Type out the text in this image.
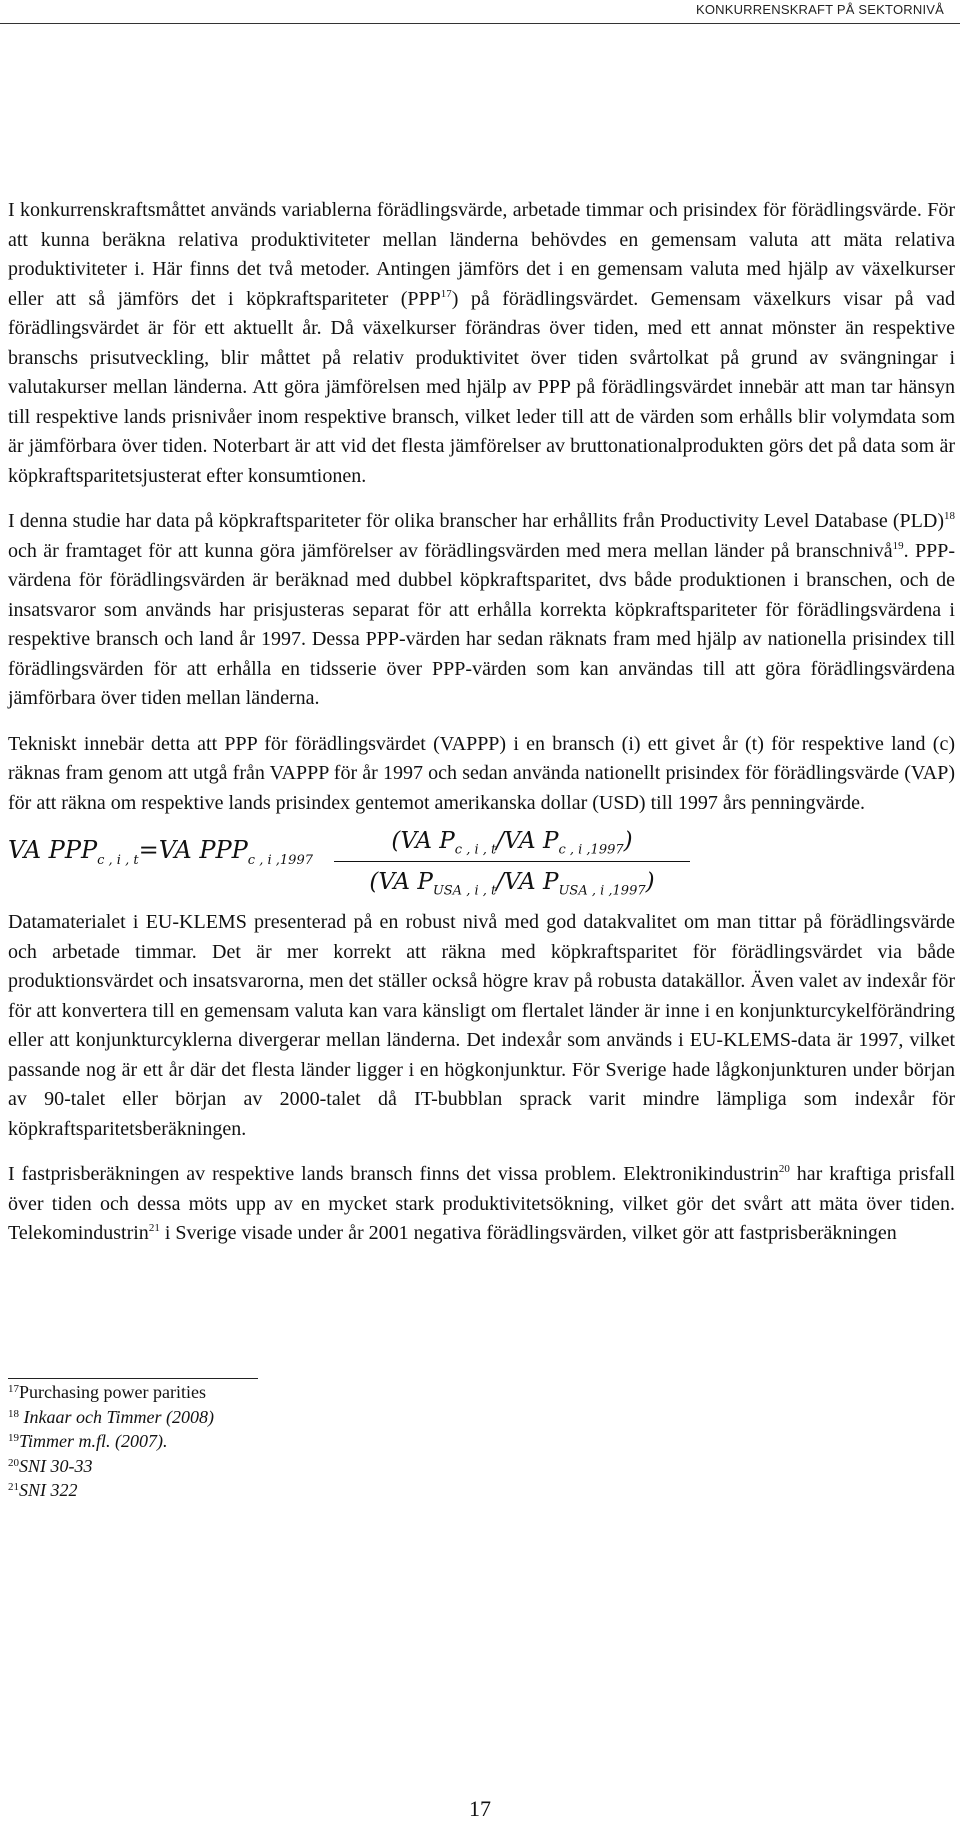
KONKURRENSKRAFT PÅ SEKTORNIVÅ

I konkurrenskraftsmåttet används variablerna förädlingsvärde, arbetade timmar och prisindex för förädlingsvärde. För att kunna beräkna relativa produktiviteter mellan länderna behövdes en gemensam valuta att mäta relativa produktiviteter i. Här finns det två metoder. Antingen jämförs det i en gemensam valuta med hjälp av växelkurser eller att så jämförs det i köpkraftspariteter (PPP$^{17}$) på förädlingsvärdet. Gemensam växelkurs visar på vad förädlingsvärdet är för ett aktuellt år. Då växelkurser förändras över tiden, med ett annat mönster än respektive branschs prisutveckling, blir måttet på relativ produktivitet över tiden svårtolkat på grund av svängningar i valutakurser mellan länderna. Att göra jämförelsen med hjälp av PPP på förädlingsvärdet innebär att man tar hänsyn till respektive lands prisnivåer inom respektive bransch, vilket leder till att de värden som erhålls blir volymdata som är jämförbara över tiden. Noterbart är att vid det flesta jämförelser av bruttonationalprodukten görs det på data som är köpkraftsparitetsjusterat efter konsumtionen.

I denna studie har data på köpkraftspariteter för olika branscher har erhållits från Productivity Level Database (PLD)$^{18}$ och är framtaget för att kunna göra jämförelser av förädlingsvärden med mera mellan länder på branschnivå$^{19}$. PPP-värdena för förädlingsvärden är beräknad med dubbel köpkraftsparitet, dvs både produktionen i branschen, och de insatsvaror som används har prisjusteras separat för att erhålla korrekta köpkraftspariteter för förädlingsvärdena i respektive bransch och land år 1997. Dessa PPP-värden har sedan räknats fram med hjälp av nationella prisindex till förädlingsvärden för att erhålla en tidsserie över PPP-värden som kan användas till att göra förädlingsvärdena jämförbara över tiden mellan länderna.

Tekniskt innebär detta att PPP för förädlingsvärdet (VAPPP) i en bransch (i) ett givet år (t) för respektive land (c) räknas fram genom att utgå från VAPPP för år 1997 och sedan använda nationellt prisindex för förädlingsvärde (VAP) för att räkna om respektive lands prisindex gentemot amerikanska dollar (USD) till 1997 års penningvärde.

VA $PPP_{c , i , t}=VA$ $PPP_{c , i ,1997}$
(VA $P_{c , i , t}/VA$ $P_{c , i ,1997}$)
(VA $P_{USA , i , t}/VA$ $P_{USA , i ,1997}$)

Datamaterialet i EU-KLEMS presenterad på en robust nivå med god datakvalitet om man tittar på förädlingsvärde och arbetade timmar. Det är mer korrekt att räkna med köpkraftsparitet för förädlingsvärdet via både produktionsvärdet och insatsvarorna, men det ställer också högre krav på robusta datakällor. Även valet av indexår för för att konvertera till en gemensam valuta kan vara känsligt om flertalet länder är inne i en konjunkturcykelförändring eller att konjunkturcyklerna divergerar mellan länderna. Det indexår som används i EU-KLEMS-data är 1997, vilket passande nog är ett år där det flesta länder ligger i en högkonjunktur. För Sverige hade lågkonjunkturen under början av 90-talet eller början av 2000-talet då IT-bubblan sprack varit mindre lämpliga som indexår för köpkraftsparitetsberäkningen.

I fastprisberäkningen av respektive lands bransch finns det vissa problem. Elektronikindustrin$^{20}$ har kraftiga prisfall över tiden och dessa möts upp av en mycket stark produktivitetsökning, vilket gör det svårt att mäta över tiden. Telekomindustrin$^{21}$ i Sverige visade under år 2001 negativa förädlingsvärden, vilket gör att fastprisberäkningen

$^{17}$Purchasing power parities
$^{18}$ Inkaar och Timmer (2008)
$^{19}$Timmer m.fl. (2007).
$^{20}$SNI 30-33
$^{21}$SNI 322
17
